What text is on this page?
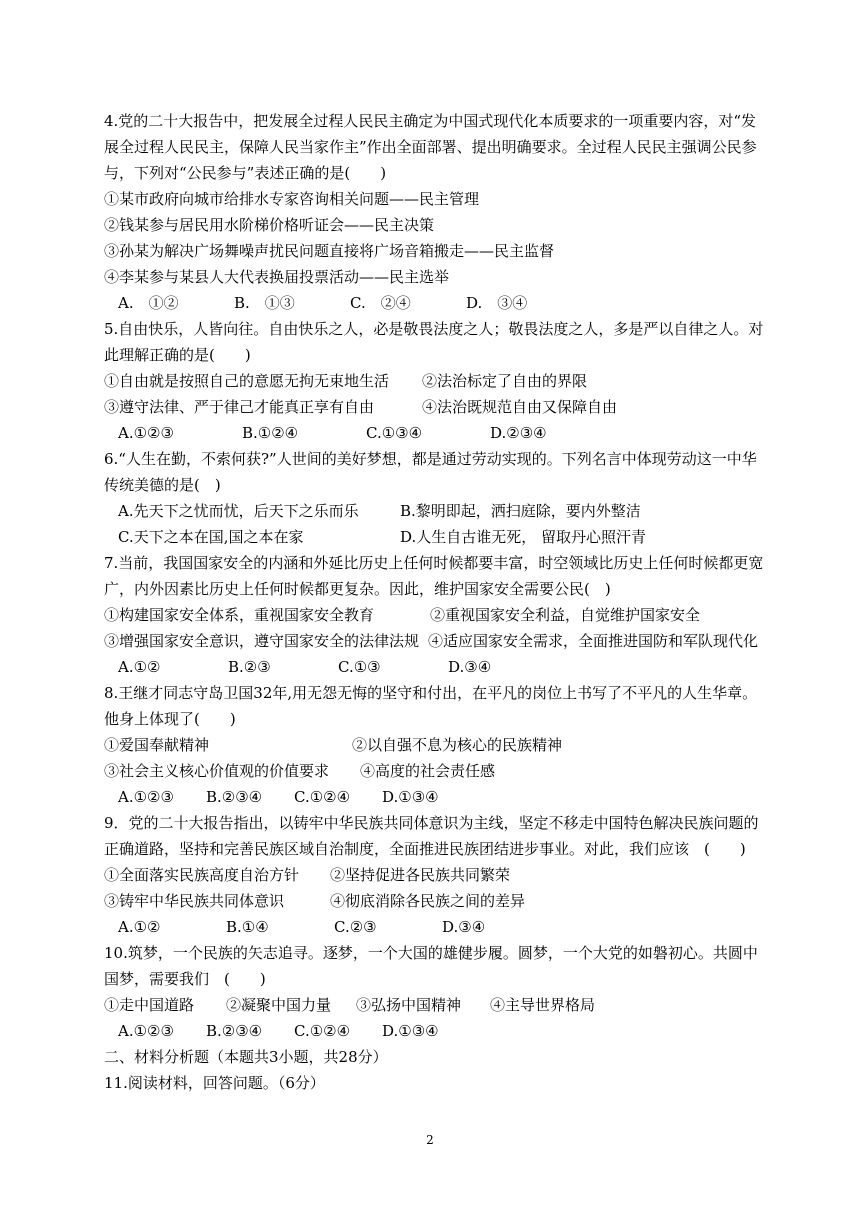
4.党的二十大报告中，把发展全过程人民民主确定为中国式现代化本质要求的一项重要内容，对“发展全过程人民民主，保障人民当家作主”作出全面部署、提出明确要求。全过程人民民主强调公民参与，下列对“公民参与”表述正确的是(　　)
①某市政府向城市给排水专家咨询相关问题——民主管理
②钱某参与居民用水阶梯价格听证会——民主决策
③孙某为解决广场舞噪声扰民问题直接将广场音箱搬走——民主监督
④李某参与某县人大代表换届投票活动——民主选举
A.　①②	B.　①③	C.　②④	D.　③④
5.自由快乐，人皆向往。自由快乐之人，必是敬畏法度之人；敬畏法度之人，多是严以自律之人。对此理解正确的是(　　)
①自由就是按照自己的意愿无拘无束地生活	②法治标定了自由的界限
③遵守法律、严于律己才能真正享有自由	④法治既规范自由又保障自由
A.①②③	B.①②④	C.①③④	D.②③④
6.“人生在勤，不索何获?”人世间的美好梦想，都是通过劳动实现的。下列名言中体现劳动这一中华传统美德的是(　)
A.先天下之忧而忧，后天下之乐而乐	B.黎明即起，洒扫庭除，要内外整洁
C.天下之本在国,国之本在家	D.人生自古谁无死， 留取丹心照汗青
7.当前，我国国家安全的内涵和外延比历史上任何时候都要丰富，时空领域比历史上任何时候都更宽广，内外因素比历史上任何时候都更复杂。因此，维护国家安全需要公民(　)
①构建国家安全体系，重视国家安全教育	②重视国家安全利益，自觉维护国家安全
③增强国家安全意识，遵守国家安全的法律法规 ④适应国家安全需求，全面推进国防和军队现代化
A.①②	B.②③	C.①③	D.③④
8.王继才同志守岛卫国32年,用无怨无悔的坚守和付出，在平凡的岗位上书写了不平凡的人生华章。他身上体现了(　　)
①爱国奉献精神	②以自强不息为核心的民族精神
③社会主义核心价值观的价值要求	④高度的社会责任感
A.①②③	B.②③④	C.①②④	D.①③④
9．党的二十大报告指出，以铸牢中华民族共同体意识为主线，坚定不移走中国特色解决民族问题的正确道路，坚持和完善民族区域自治制度，全面推进民族团结进步事业。对此，我们应该　(　　)
①全面落实民族高度自治方针	②坚持促进各民族共同繁荣
③铸牢中华民族共同体意识	④彻底消除各民族之间的差异
A.①②	B.①④	C.②③	D.③④
10.筑梦，一个民族的矢志追寻。逐梦，一个大国的雄健步履。圆梦，一个大党的如磐初心。共圆中国梦，需要我们　(　　)
①走中国道路	②凝聚中国力量	③弘扬中国精神	④主导世界格局
A.①②③	B.②③④	C.①②④	D.①③④
二、材料分析题（本题共3小题，共28分）
11.阅读材料，回答问题。（6分）
2
